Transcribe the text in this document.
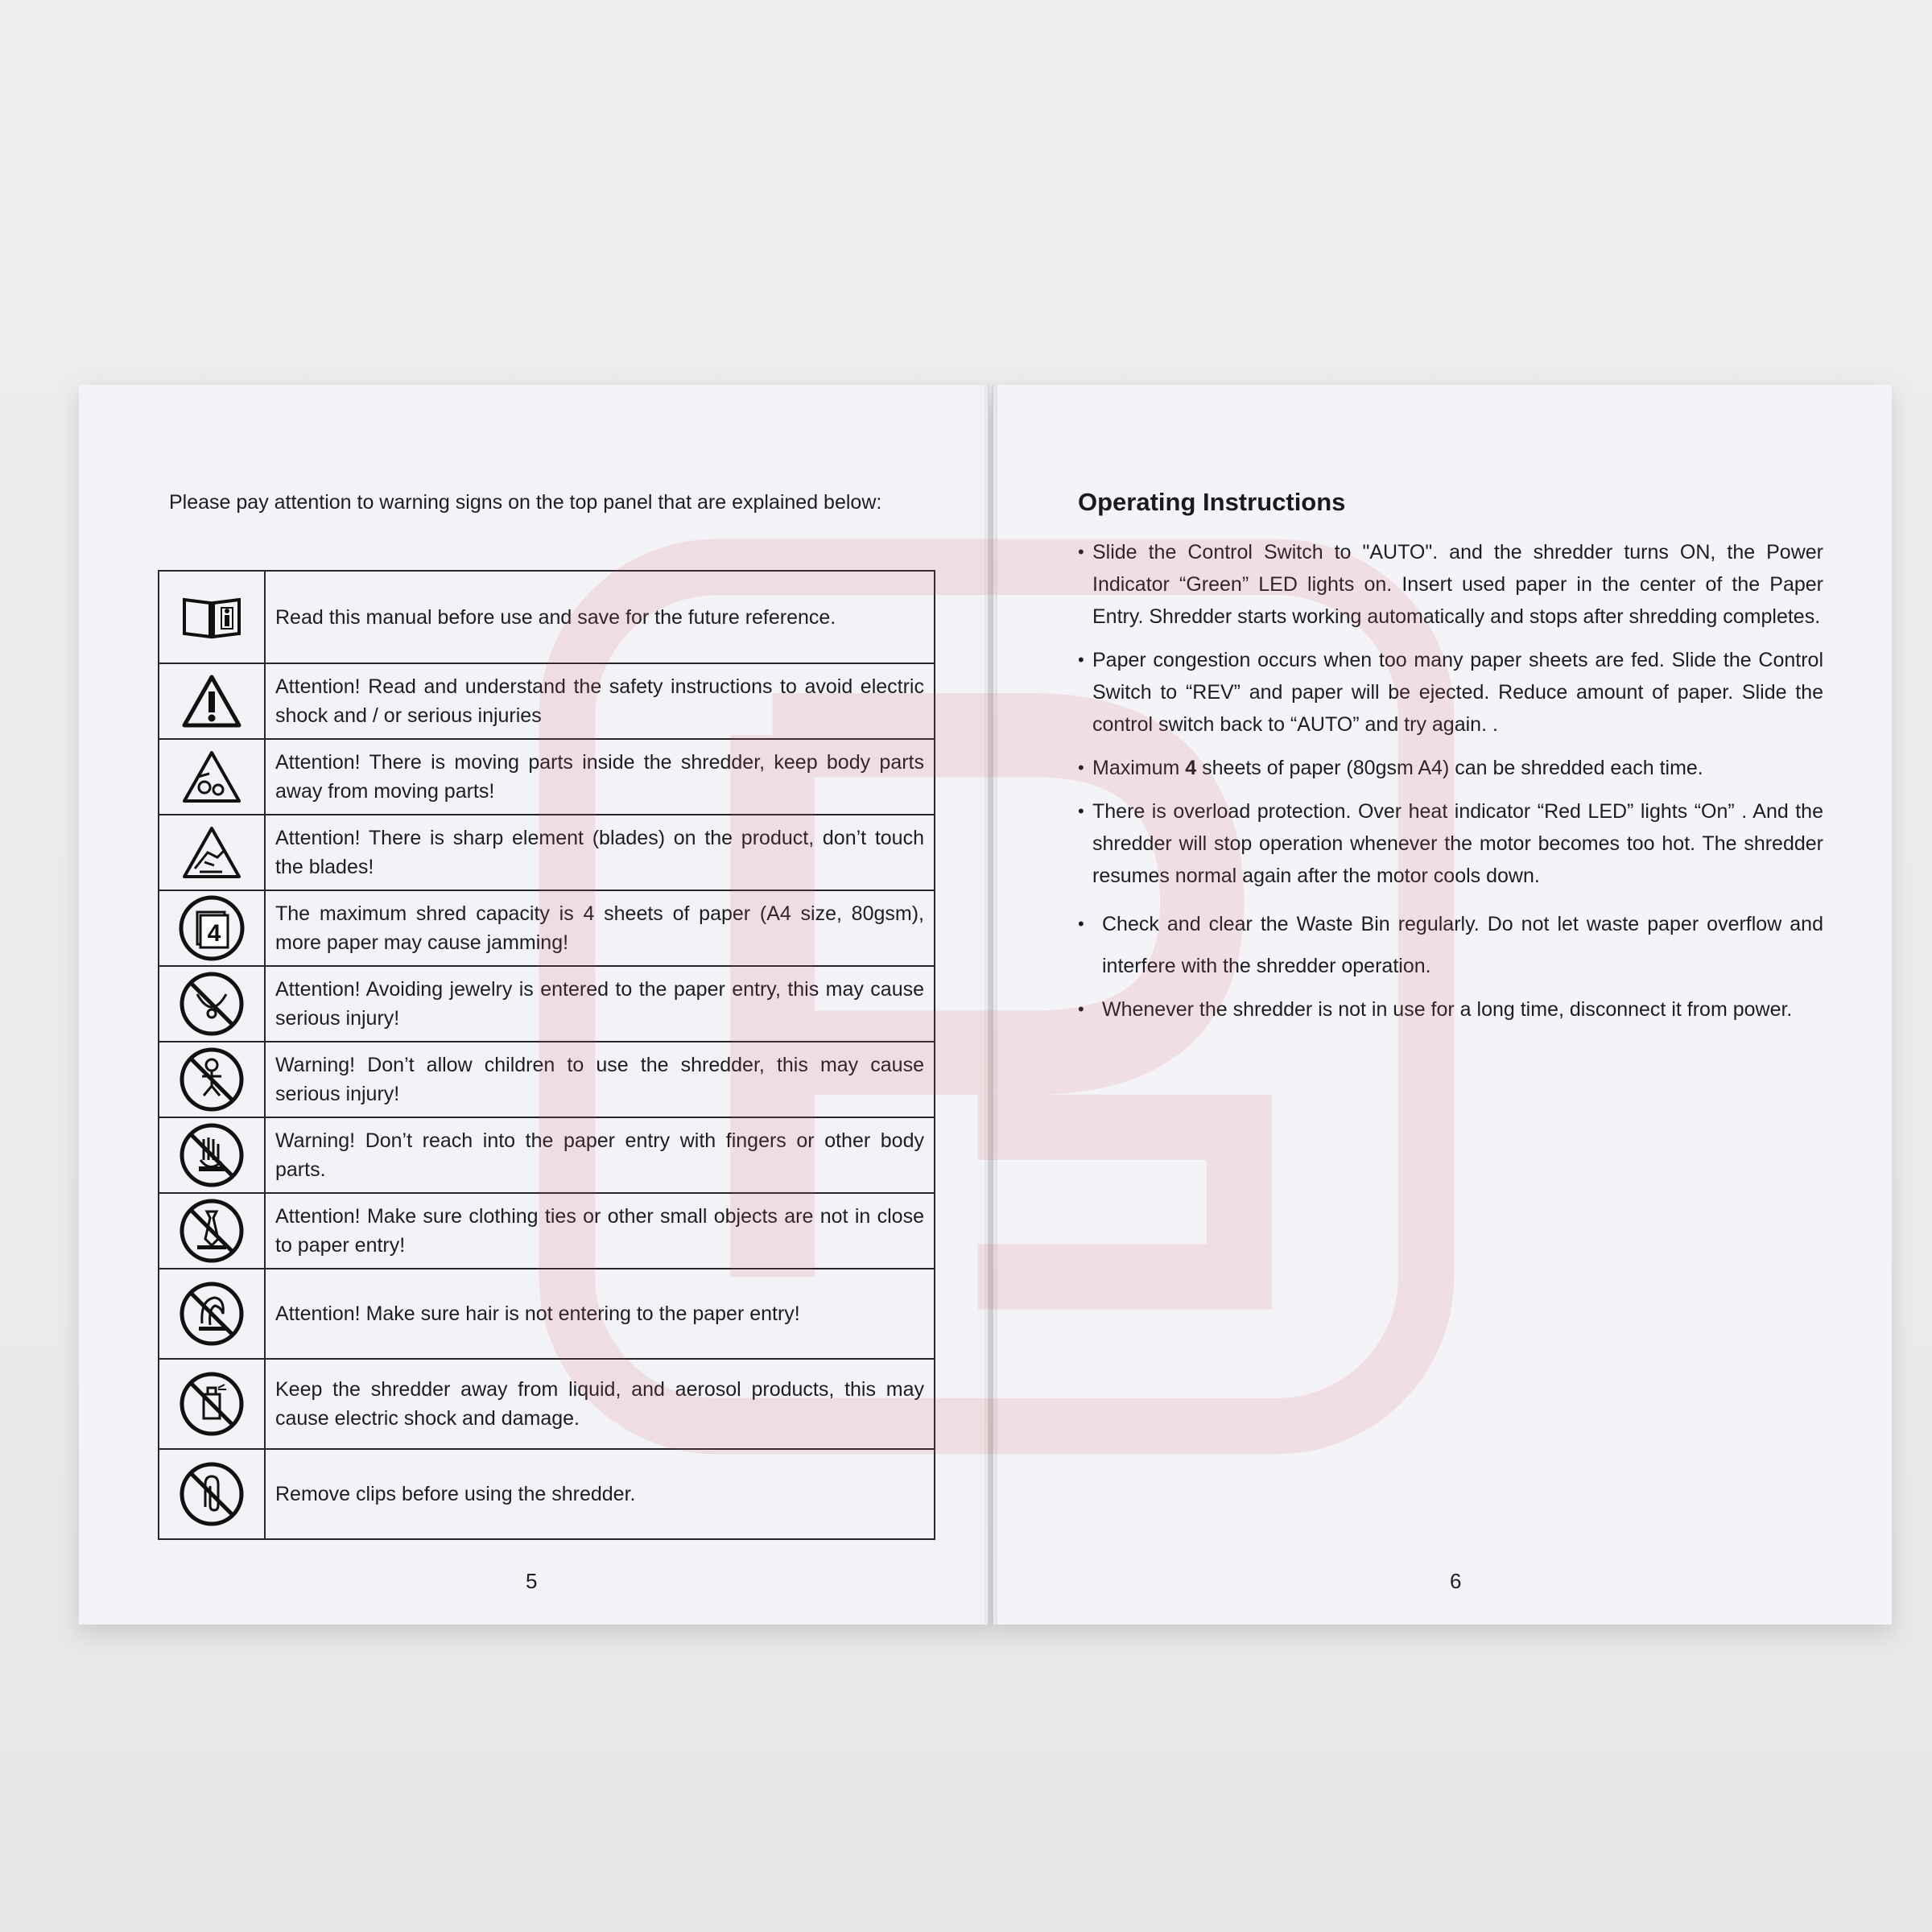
Please pay attention to warning signs on the top panel that are explained below:

	Read this manual before use and save for the future reference.

	Attention! Read and understand the safety instructions to avoid electric shock and / or serious injuries

	Attention! There is moving parts inside the shredder, keep body parts away from moving parts!

	Attention! There is sharp element (blades) on the product, don’t touch the blades!

4	The maximum shred capacity is 4 sheets of paper (A4 size, 80gsm), more paper may cause jamming!

	Attention! Avoiding jewelry is entered to the paper entry, this may cause serious injury!

	Warning! Don’t allow children to use the shredder, this may cause serious injury!

	Warning! Don’t reach into the paper entry with fingers or other body parts.

	Attention! Make sure clothing ties or other small objects are not in close to paper entry!

	Attention! Make sure hair is not entering to the paper entry!

	Keep the shredder away from liquid, and aerosol products, this may cause electric shock and damage.

	Remove clips before using the shredder.

5

Operating Instructions
• Slide the Control Switch to "AUTO". and the shredder turns ON, the Power Indicator “Green” LED lights on. Insert used paper in the center of the Paper Entry. Shredder starts working automatically and stops after shredding completes.
• Paper congestion occurs when too many paper sheets are fed. Slide the Control Switch to “REV” and paper will be ejected. Reduce amount of paper. Slide the control switch back to “AUTO” and try again. .
• Maximum 4 sheets of paper (80gsm A4) can be shredded each time.
• There is overload protection. Over heat indicator “Red LED” lights “On” . And the shredder will stop operation whenever the motor becomes too hot. The shredder resumes normal again after the motor cools down.
• Check and clear the Waste Bin regularly. Do not let waste paper overflow and interfere with the shredder operation.
• Whenever the shredder is not in use for a long time, disconnect it from power.

6
